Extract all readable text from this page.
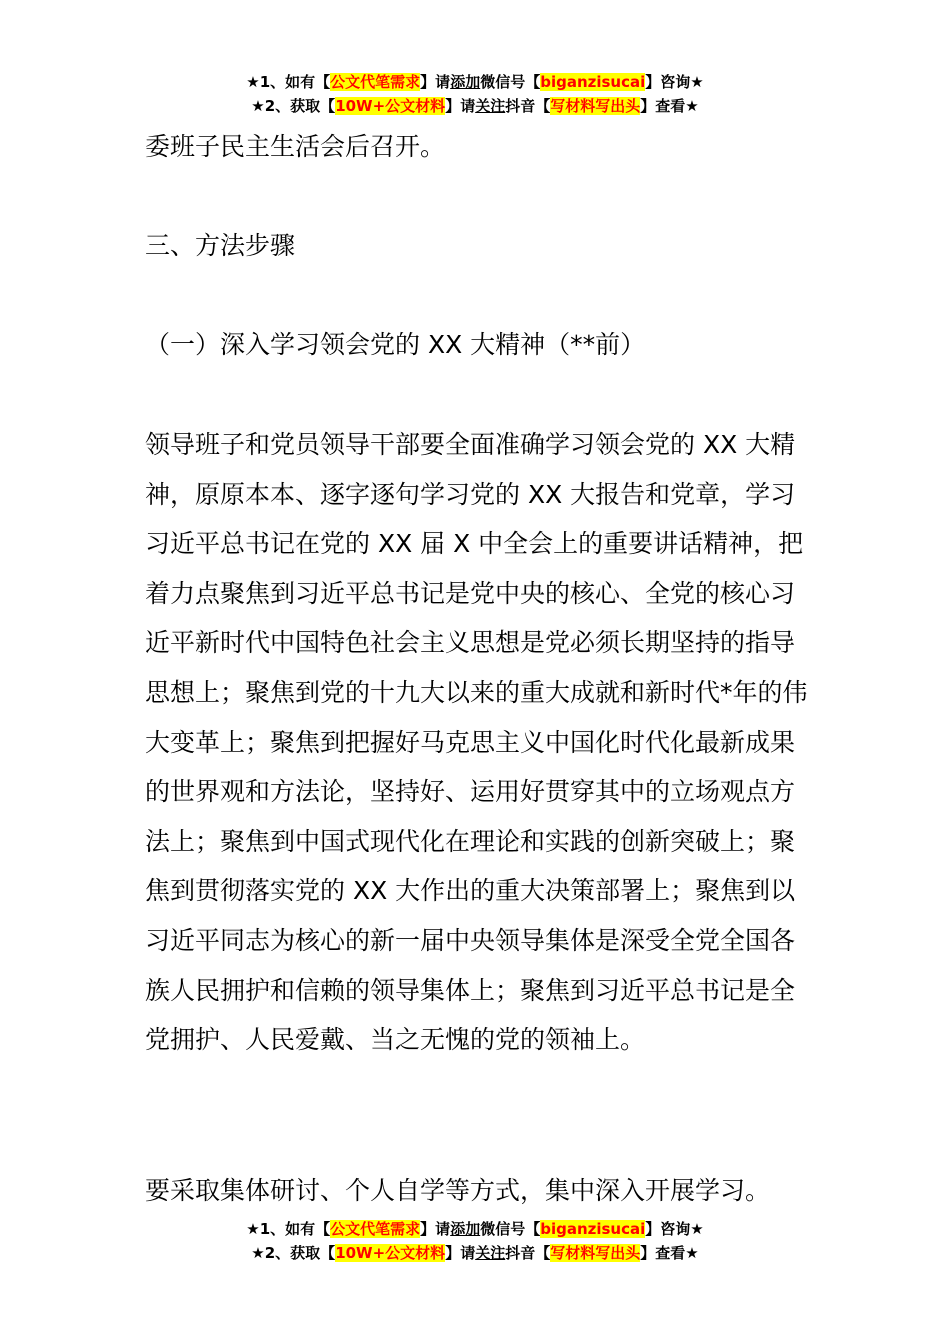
★1、如有【公文代笔需求】请添加微信号【biganzisucai】咨询★
★2、获取【10W+公文材料】请关注抖音【写材料写出头】查看★
委班子民主生活会后召开。
三、方法步骤
（一）深入学习领会党的 XX 大精神（**前）

领导班子和党员领导干部要全面准确学习领会党的 XX 大精神，原原本本、逐字逐句学习党的 XX 大报告和党章，学习习近平总书记在党的 XX 届 X 中全会上的重要讲话精神，把着力点聚焦到习近平总书记是党中央的核心、全党的核心习近平新时代中国特色社会主义思想是党必须长期坚持的指导思想上；聚焦到党的十九大以来的重大成就和新时代*年的伟大变革上；聚焦到把握好马克思主义中国化时代化最新成果的世界观和方法论，坚持好、运用好贯穿其中的立场观点方法上；聚焦到中国式现代化在理论和实践的创新突破上；聚焦到贯彻落实党的 XX 大作出的重大决策部署上；聚焦到以习近平同志为核心的新一届中央领导集体是深受全党全国各族人民拥护和信赖的领导集体上；聚焦到习近平总书记是全党拥护、人民爱戴、当之无愧的党的领袖上。

要采取集体研讨、个人自学等方式，集中深入开展学习。
★1、如有【公文代笔需求】请添加微信号【biganzisucai】咨询★
★2、获取【10W+公文材料】请关注抖音【写材料写出头】查看★
